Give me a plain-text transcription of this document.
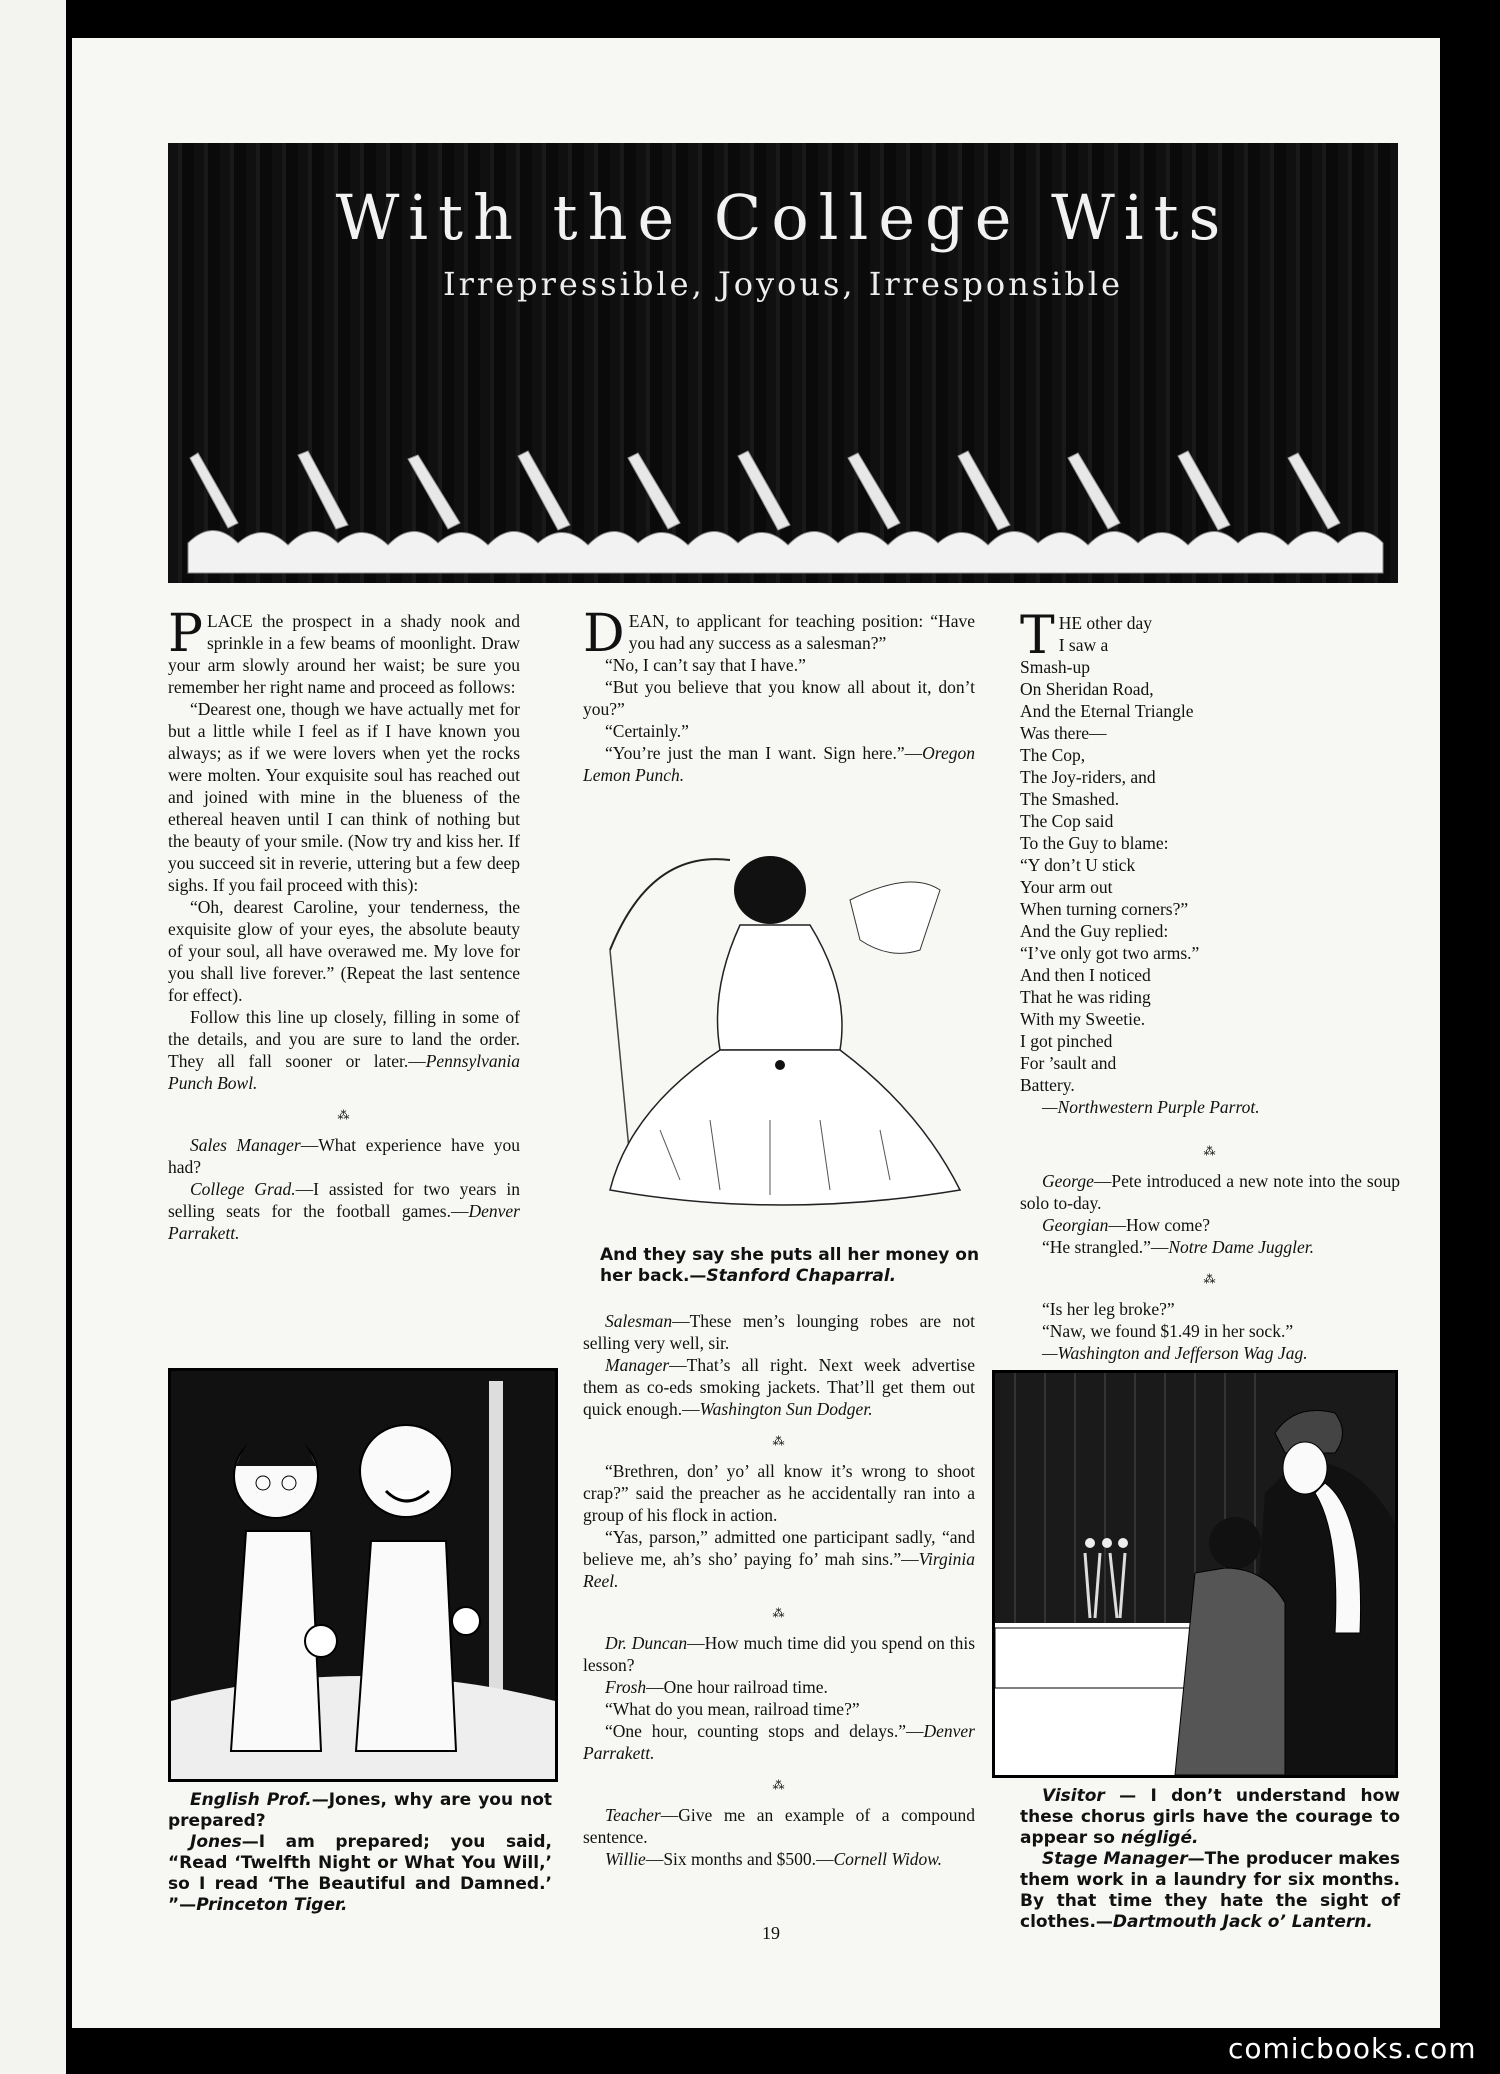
With the College Wits
Irrepressible, Joyous, Irresponsible

PLACE the prospect in a shady nook and sprinkle in a few beams of moonlight. Draw your arm slowly around her waist; be sure you remember her right name and proceed as follows:

“Dearest one, though we have actually met for but a little while I feel as if I have known you always; as if we were lovers when yet the rocks were molten. Your exquisite soul has reached out and joined with mine in the blueness of the ethereal heaven until I can think of nothing but the beauty of your smile. (Now try and kiss her. If you succeed sit in reverie, uttering but a few deep sighs. If you fail proceed with this):

“Oh, dearest Caroline, your tenderness, the exquisite glow of your eyes, the absolute beauty of your soul, all have overawed me. My love for you shall live forever.” (Repeat the last sentence for effect).

Follow this line up closely, filling in some of the details, and you are sure to land the order. They all fall sooner or later.—Pennsylvania Punch Bowl.

⁂

Sales Manager—What experience have you had?

College Grad.—I assisted for two years in selling seats for the football games.—Denver Parrakett.

English Prof.—Jones, why are you not prepared?

Jones—I am prepared; you said, “Read ‘Twelfth Night or What You Will,’ so I read ‘The Beautiful and Damned.’ ”—Princeton Tiger.

DEAN, to applicant for teaching position: “Have you had any success as a salesman?”

“No, I can’t say that I have.”

“But you believe that you know all about it, don’t you?”

“Certainly.”

“You’re just the man I want. Sign here.”—Oregon Lemon Punch.

And they say she puts all her money on her back.—Stanford Chaparral.

Salesman—These men’s lounging robes are not selling very well, sir.

Manager—That’s all right. Next week advertise them as co-eds smoking jackets. That’ll get them out quick enough.—Washington Sun Dodger.

⁂

“Brethren, don’ yo’ all know it’s wrong to shoot crap?” said the preacher as he accidentally ran into a group of his flock in action.

“Yas, parson,” admitted one participant sadly, “and believe me, ah’s sho’ paying fo’ mah sins.”—Virginia Reel.

⁂

Dr. Duncan—How much time did you spend on this lesson?

Frosh—One hour railroad time.

“What do you mean, railroad time?”

“One hour, counting stops and delays.”—Denver Parrakett.

⁂

Teacher—Give me an example of a compound sentence.

Willie—Six months and $500.—Cornell Widow.

THE other day

I saw a

Smash-up

On Sheridan Road,

And the Eternal Triangle

Was there—

The Cop,

The Joy-riders, and

The Smashed.

The Cop said

To the Guy to blame:

“Y don’t U stick

Your arm out

When turning corners?”

And the Guy replied:

“I’ve only got two arms.”

And then I noticed

That he was riding

With my Sweetie.

I got pinched

For ’sault and

Battery.

—Northwestern Purple Parrot.

⁂

George—Pete introduced a new note into the soup solo to-day.

Georgian—How come?

“He strangled.”—Notre Dame Juggler.

⁂

“Is her leg broke?”

“Naw, we found $1.49 in her sock.”

—Washington and Jefferson Wag Jag.

Visitor — I don’t understand how these chorus girls have the courage to appear so négligé.

Stage Manager—The producer makes them work in a laundry for six months. By that time they hate the sight of clothes.—Dartmouth Jack o’ Lantern.

19
comicbooks.com
